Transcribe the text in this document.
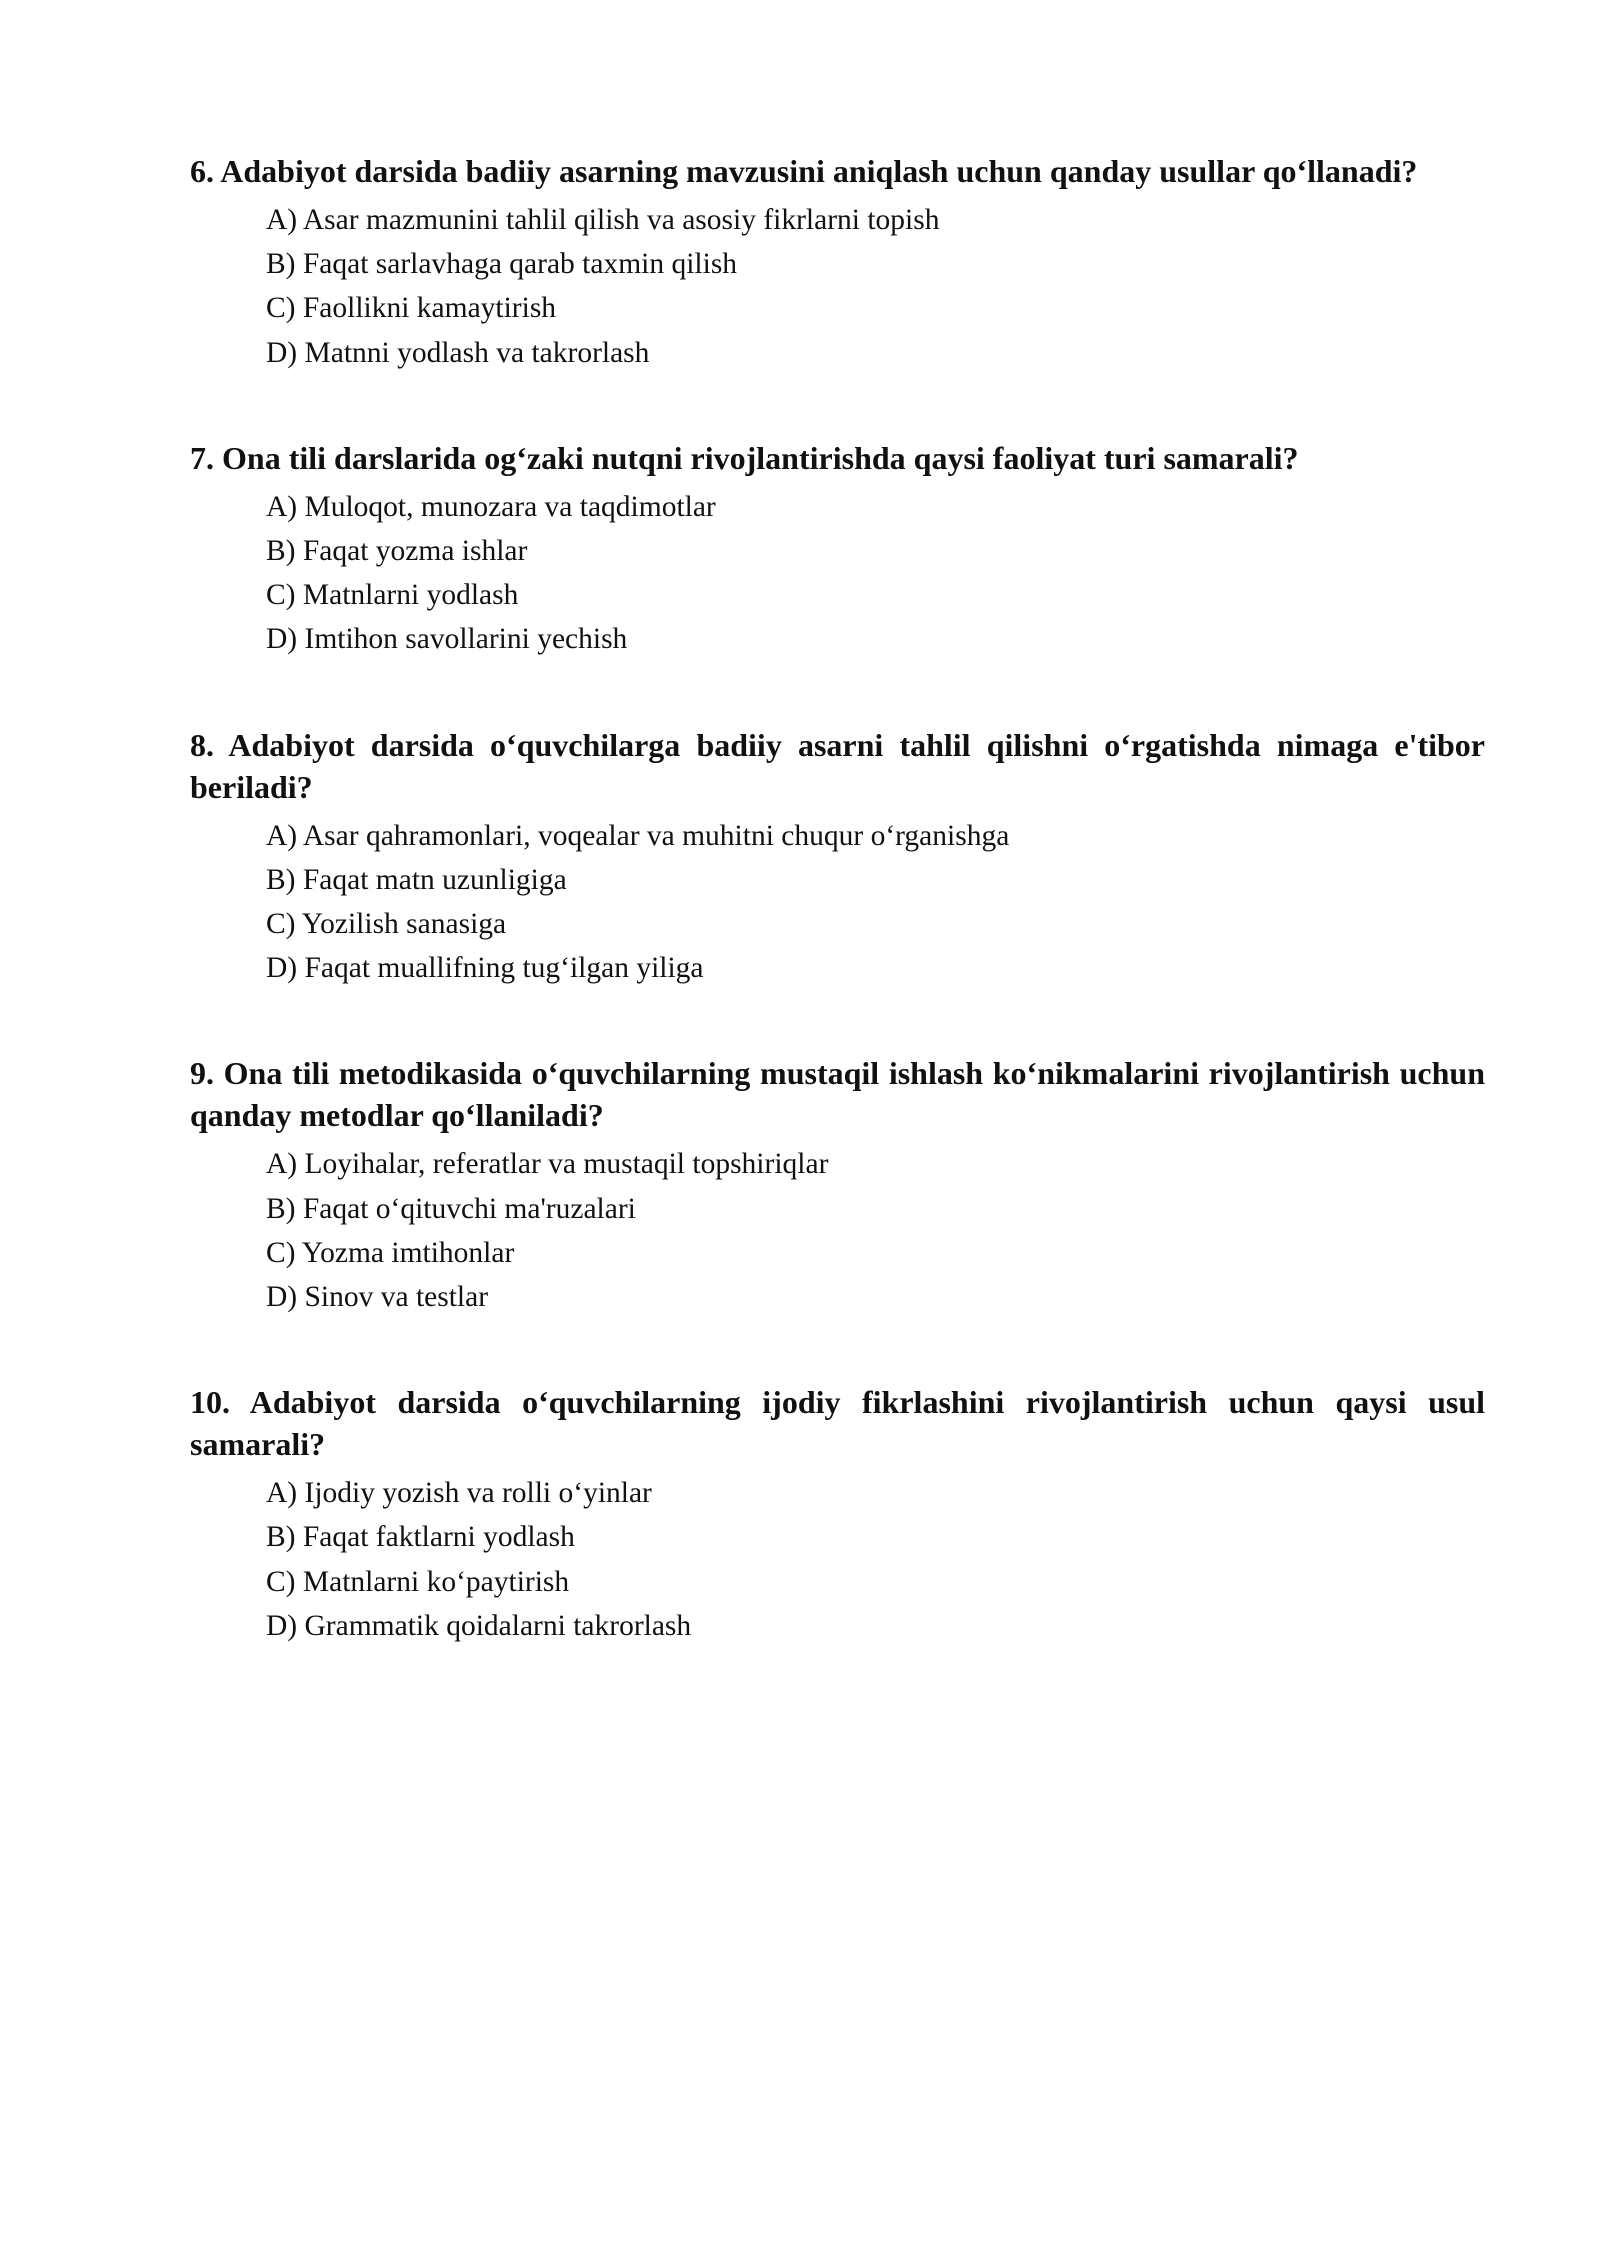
6. Adabiyot darsida badiiy asarning mavzusini aniqlash uchun qanday usullar qo‘llanadi?

A) Asar mazmunini tahlil qilish va asosiy fikrlarni topish
B) Faqat sarlavhaga qarab taxmin qilish
C) Faollikni kamaytirish
D) Matnni yodlash va takrorlash

7. Ona tili darslarida og‘zaki nutqni rivojlantirishda qaysi faoliyat turi samarali?

A) Muloqot, munozara va taqdimotlar
B) Faqat yozma ishlar
C) Matnlarni yodlash
D) Imtihon savollarini yechish

8. Adabiyot darsida o‘quvchilarga badiiy asarni tahlil qilishni o‘rgatishda nimaga e'tibor beriladi?

A) Asar qahramonlari, voqealar va muhitni chuqur o‘rganishga
B) Faqat matn uzunligiga
C) Yozilish sanasiga
D) Faqat muallifning tug‘ilgan yiliga

9. Ona tili metodikasida o‘quvchilarning mustaqil ishlash ko‘nikmalarini rivojlantirish uchun qanday metodlar qo‘llaniladi?

A) Loyihalar, referatlar va mustaqil topshiriqlar
B) Faqat o‘qituvchi ma'ruzalari
C) Yozma imtihonlar
D) Sinov va testlar

10. Adabiyot darsida o‘quvchilarning ijodiy fikrlashini rivojlantirish uchun qaysi usul samarali?

A) Ijodiy yozish va rolli o‘yinlar
B) Faqat faktlarni yodlash
C) Matnlarni ko‘paytirish
D) Grammatik qoidalarni takrorlash
